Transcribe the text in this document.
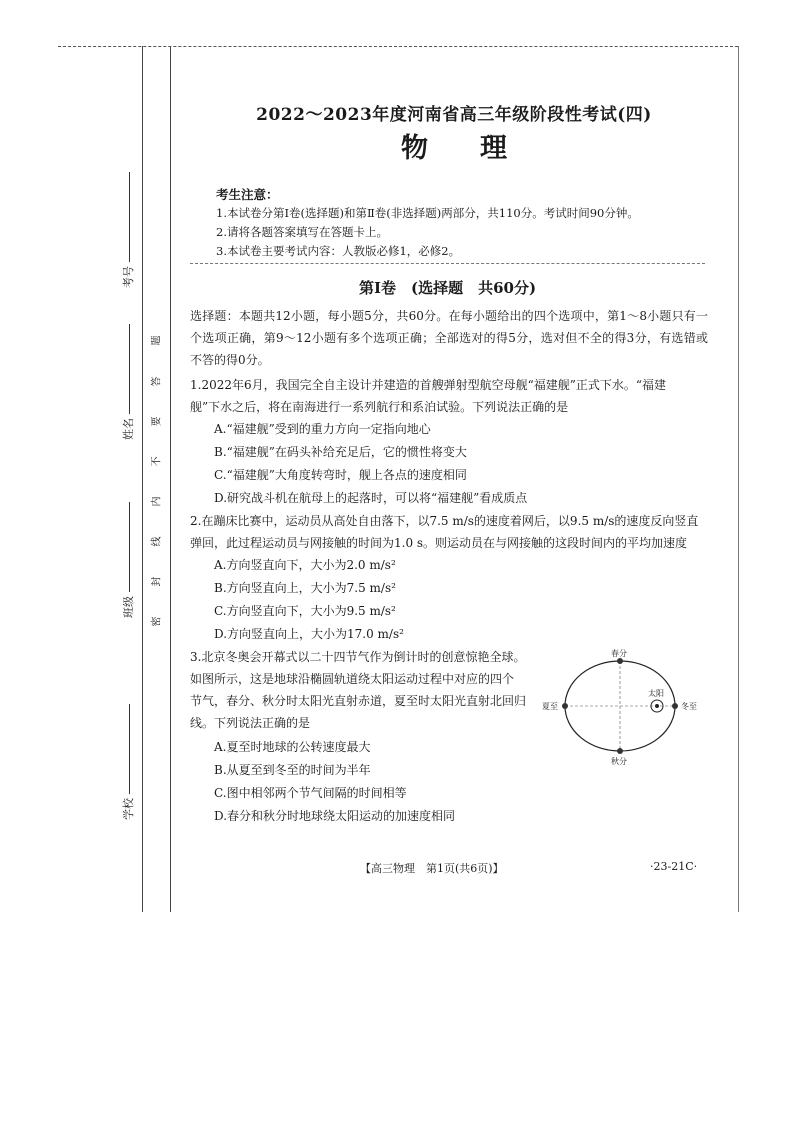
考号
姓名
班级
学校
题
答
要
不
内
线
封
密
2022～2023年度河南省高三年级阶段性考试(四)
物理
考生注意：
1.本试卷分第Ⅰ卷(选择题)和第Ⅱ卷(非选择题)两部分，共110分。考试时间90分钟。
2.请将各题答案填写在答题卡上。
3.本试卷主要考试内容：人教版必修1，必修2。
第Ⅰ卷　(选择题　共60分)
选择题：本题共12小题，每小题5分，共60分。在每小题给出的四个选项中，第1～8小题只有一个选项正确，第9～12小题有多个选项正确；全部选对的得5分，选对但不全的得3分，有选错或不答的得0分。
1.2022年6月，我国完全自主设计并建造的首艘弹射型航空母舰“福建舰”正式下水。“福建
舰”下水之后，将在南海进行一系列航行和系泊试验。下列说法正确的是
A.“福建舰”受到的重力方向一定指向地心
B.“福建舰”在码头补给充足后，它的惯性将变大
C.“福建舰”大角度转弯时，舰上各点的速度相同
D.研究战斗机在航母上的起落时，可以将“福建舰”看成质点
2.在蹦床比赛中，运动员从高处自由落下，以7.5 m/s的速度着网后，以9.5 m/s的速度反向竖直
弹回，此过程运动员与网接触的时间为1.0 s。则运动员在与网接触的这段时间内的平均加速度
A.方向竖直向下，大小为2.0 m/s²
B.方向竖直向上，大小为7.5 m/s²
C.方向竖直向下，大小为9.5 m/s²
D.方向竖直向上，大小为17.0 m/s²
3.北京冬奥会开幕式以二十四节气作为倒计时的创意惊艳全球。
如图所示，这是地球沿椭圆轨道绕太阳运动过程中对应的四个
节气，春分、秋分时太阳光直射赤道，夏至时太阳光直射北回归
线。下列说法正确的是
春分
秋分
夏至	冬至
太阳
A.夏至时地球的公转速度最大
B.从夏至到冬至的时间为半年
C.图中相邻两个节气间隔的时间相等
D.春分和秋分时地球绕太阳运动的加速度相同
【高三物理　第1页(共6页)】	·23-21C·
